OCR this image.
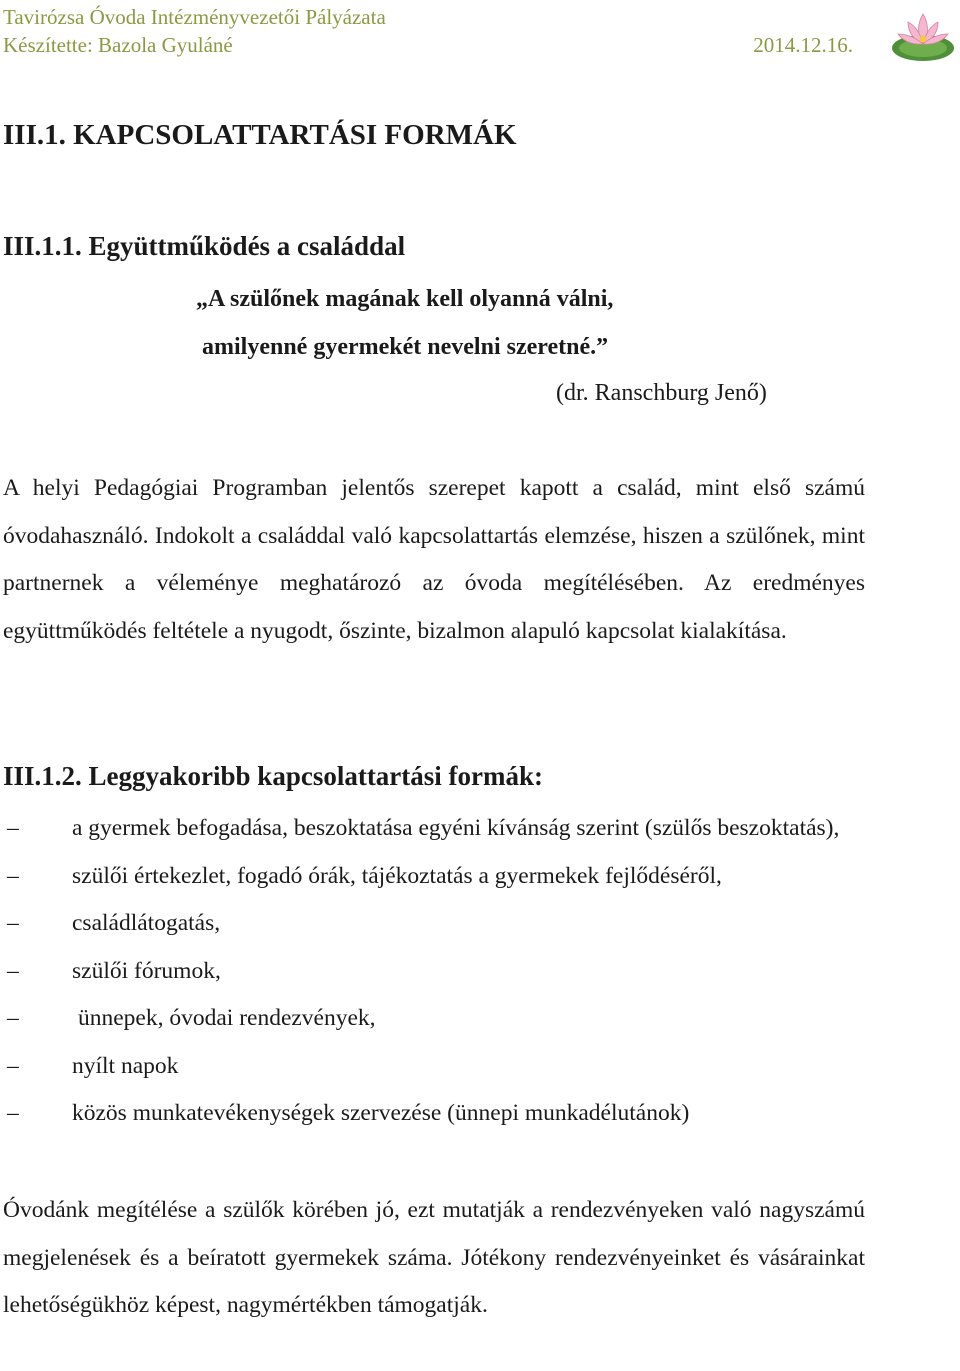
Tavirózsa Óvoda Intézményvezetői Pályázata
Készítette: Bazola Gyuláné	2014.12.16.
III.1. KAPCSOLATTARTÁSI FORMÁK
III.1.1. Együttműködés a családdal
„A szülőnek magának kell olyanná válni,
amilyenné gyermekét nevelni szeretné.”
(dr. Ranschburg Jenő)
A helyi Pedagógiai Programban jelentős szerepet kapott a család, mint első számú óvodahasználó. Indokolt a családdal való kapcsolattartás elemzése, hiszen a szülőnek, mint partnernek a véleménye meghatározó az óvoda megítélésében. Az eredményes együttműködés feltétele a nyugodt, őszinte, bizalmon alapuló kapcsolat kialakítása.
III.1.2. Leggyakoribb kapcsolattartási formák:
– a gyermek befogadása, beszoktatása egyéni kívánság szerint (szülős beszoktatás),
– szülői értekezlet, fogadó órák, tájékoztatás a gyermekek fejlődéséről,
– családlátogatás,
– szülői fórumok,
–	ünnepek, óvodai rendezvények,
– nyílt napok
– közös munkatevékenységek szervezése (ünnepi munkadélutánok)
Óvodánk megítélése a szülők körében jó, ezt mutatják a rendezvényeken való nagyszámú megjelenések és a beíratott gyermekek száma. Jótékony rendezvényeinket és vásárainkat lehetőségükhöz képest, nagymértékben támogatják.
